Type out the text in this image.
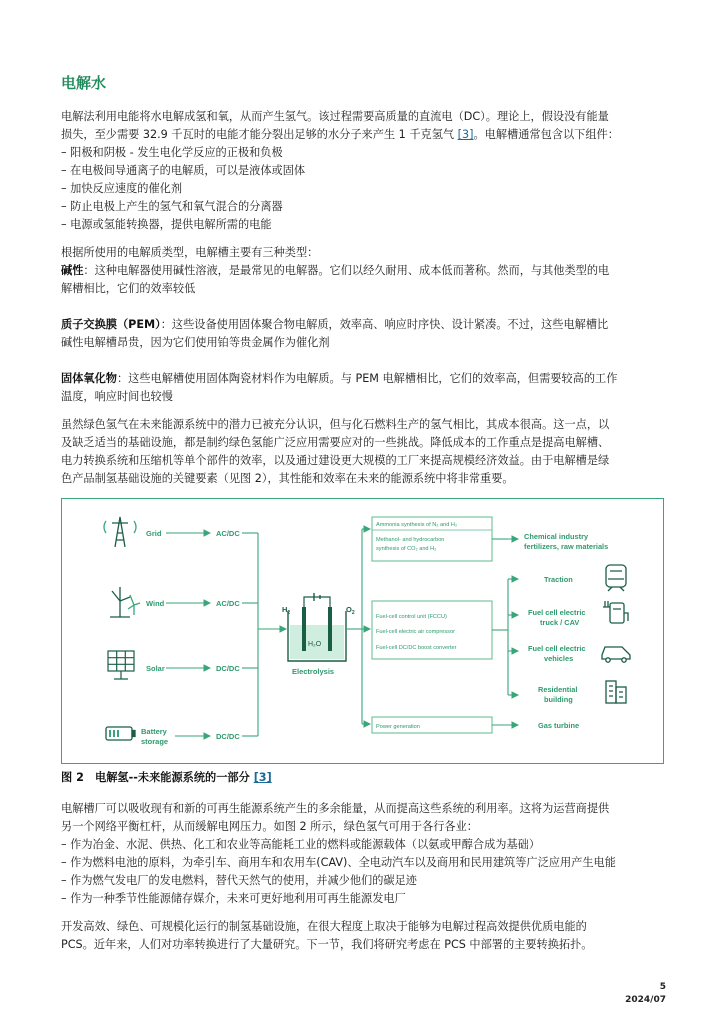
电解水

电解法利用电能将水电解成氢和氧，从而产生氢气。该过程需要高质量的直流电（DC）。理论上，假设没有能量

损失，至少需要 32.9 千瓦时的电能才能分裂出足够的水分子来产生 1 千克氢气 [3]。电解槽通常包含以下组件：

– 阳极和阴极 - 发生电化学反应的正极和负极

– 在电极间导通离子的电解质，可以是液体或固体

– 加快反应速度的催化剂

– 防止电极上产生的氢气和氧气混合的分离器

– 电源或氢能转换器，提供电解所需的电能

根据所使用的电解质类型，电解槽主要有三种类型：

碱性：这种电解器使用碱性溶液，是最常见的电解器。它们以经久耐用、成本低而著称。然而，与其他类型的电

解槽相比，它们的效率较低

质子交换膜（PEM）：这些设备使用固体聚合物电解质，效率高、响应时序快、设计紧凑。不过，这些电解槽比

碱性电解槽昂贵，因为它们使用铂等贵金属作为催化剂

固体氧化物：这些电解槽使用固体陶瓷材料作为电解质。与 PEM 电解槽相比，它们的效率高，但需要较高的工作

温度，响应时间也较慢

虽然绿色氢气在未来能源系统中的潜力已被充分认识，但与化石燃料生产的氢气相比，其成本很高。这一点，以

及缺乏适当的基础设施，都是制约绿色氢能广泛应用需要应对的一些挑战。降低成本的工作重点是提高电解槽、

电力转换系统和压缩机等单个部件的效率，以及通过建设更大规模的工厂来提高规模经济效益。由于电解槽是绿

色产品制氢基础设施的关键要素（见图 2），其性能和效率在未来的能源系统中将非常重要。

Grid
Wind
Solar
Battery
storage
AC/DC
AC/DC
DC/DC
DC/DC
$H_2$	$O_2$
H₂O
Electrolysis
Ammonia synthesis of N₂ and H₂
Methanol- and hydrocarbon
synthesis of CO₂ and H₂
Fuel-cell control unit (FCCU)
Fuel-cell electric air compressor
Fuel-cell DC/DC boost converter
Power generation
Chemical industry
fertilizers, raw materials
Traction
Fuel cell electric
truck / CAV
Fuel cell electric
vehicles
Residential
building
Gas turbine
图 2　电解氢--未来能源系统的一部分 [3]

电解槽厂可以吸收现有和新的可再生能源系统产生的多余能量，从而提高这些系统的利用率。这将为运营商提供

另一个网络平衡杠杆，从而缓解电网压力。如图 2 所示，绿色氢气可用于各行各业：

– 作为冶金、水泥、供热、化工和农业等高能耗工业的燃料或能源载体（以氨或甲醇合成为基础）

– 作为燃料电池的原料，为牵引车、商用车和农用车(CAV)、全电动汽车以及商用和民用建筑等广泛应用产生电能

– 作为燃气发电厂的发电燃料，替代天然气的使用，并减少他们的碳足迹

– 作为一种季节性能源储存媒介，未来可更好地利用可再生能源发电厂

开发高效、绿色、可规模化运行的制氢基础设施，在很大程度上取决于能够为电解过程高效提供优质电能的

PCS。近年来，人们对功率转换进行了大量研究。下一节，我们将研究考虑在 PCS 中部署的主要转换拓扑。

5
2024/07
